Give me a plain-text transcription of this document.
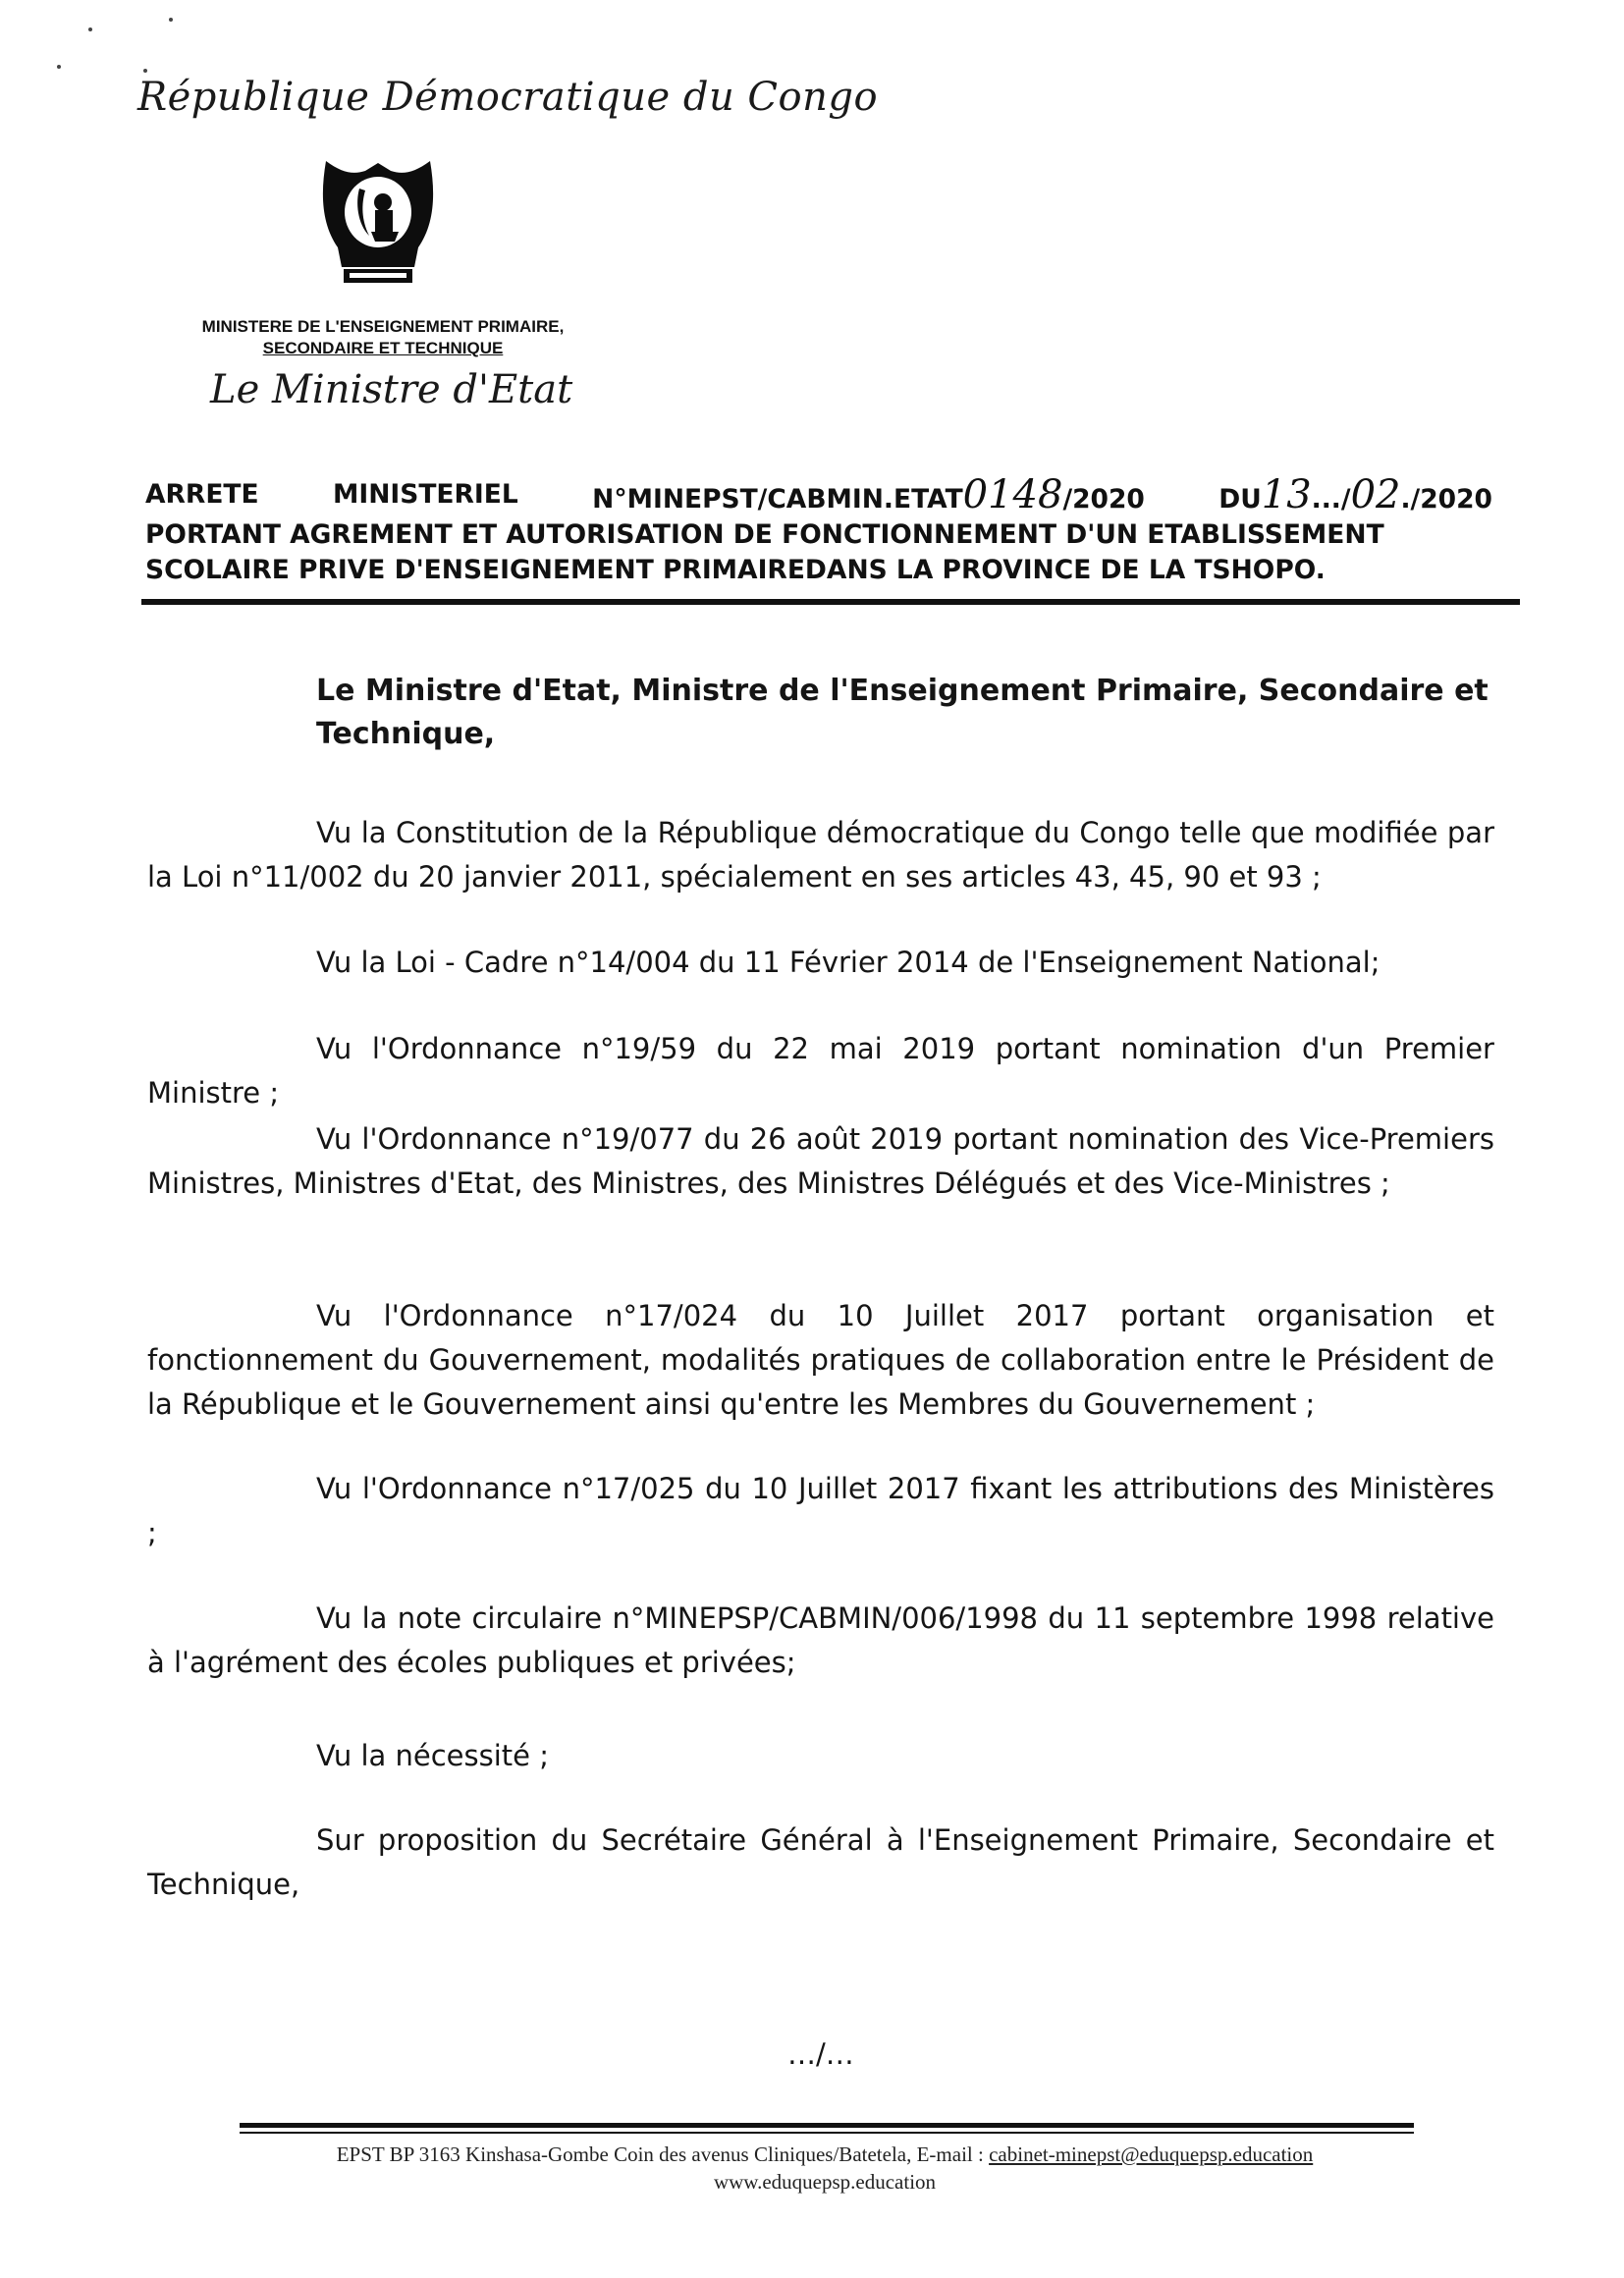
République Démocratique du Congo
MINISTERE DE L'ENSEIGNEMENT PRIMAIRE,
SECONDAIRE ET TECHNIQUE
Le Ministre d'Etat
ARRETE	MINISTERIEL	N°MINEPST/CABMIN.ETAT0148/2020	DU13.../02./2020
PORTANT AGREMENT ET AUTORISATION DE FONCTIONNEMENT D'UN ETABLISSEMENT
SCOLAIRE PRIVE D'ENSEIGNEMENT PRIMAIREDANS LA PROVINCE DE LA TSHOPO.
Le Ministre d'Etat, Ministre de l'Enseignement Primaire, Secondaire et Technique,
Vu la Constitution de la République démocratique du Congo telle que modifiée par la Loi n°11/002 du 20 janvier 2011, spécialement en ses articles 43, 45, 90 et 93 ;
Vu la Loi - Cadre n°14/004 du 11 Février 2014 de l'Enseignement National;
Vu l'Ordonnance n°19/59 du 22 mai 2019 portant nomination d'un Premier Ministre ;
Vu l'Ordonnance n°19/077 du 26 août 2019 portant nomination des Vice-Premiers Ministres, Ministres d'Etat, des Ministres, des Ministres Délégués et des Vice-Ministres ;
Vu l'Ordonnance n°17/024 du 10 Juillet 2017 portant organisation et fonctionnement du Gouvernement, modalités pratiques de collaboration entre le Président de la République et le Gouvernement ainsi qu'entre les Membres du Gouvernement ;
Vu l'Ordonnance n°17/025 du 10 Juillet 2017 fixant les attributions des Ministères ;
Vu la note circulaire n°MINEPSP/CABMIN/006/1998 du 11 septembre 1998 relative à l'agrément des écoles publiques et privées;
Vu la nécessité ;
Sur proposition du Secrétaire Général à l'Enseignement Primaire, Secondaire et Technique,
…/…
EPST BP 3163 Kinshasa-Gombe Coin des avenus Cliniques/Batetela, E-mail : cabinet-minepst@eduquepsp.education
www.eduquepsp.education
